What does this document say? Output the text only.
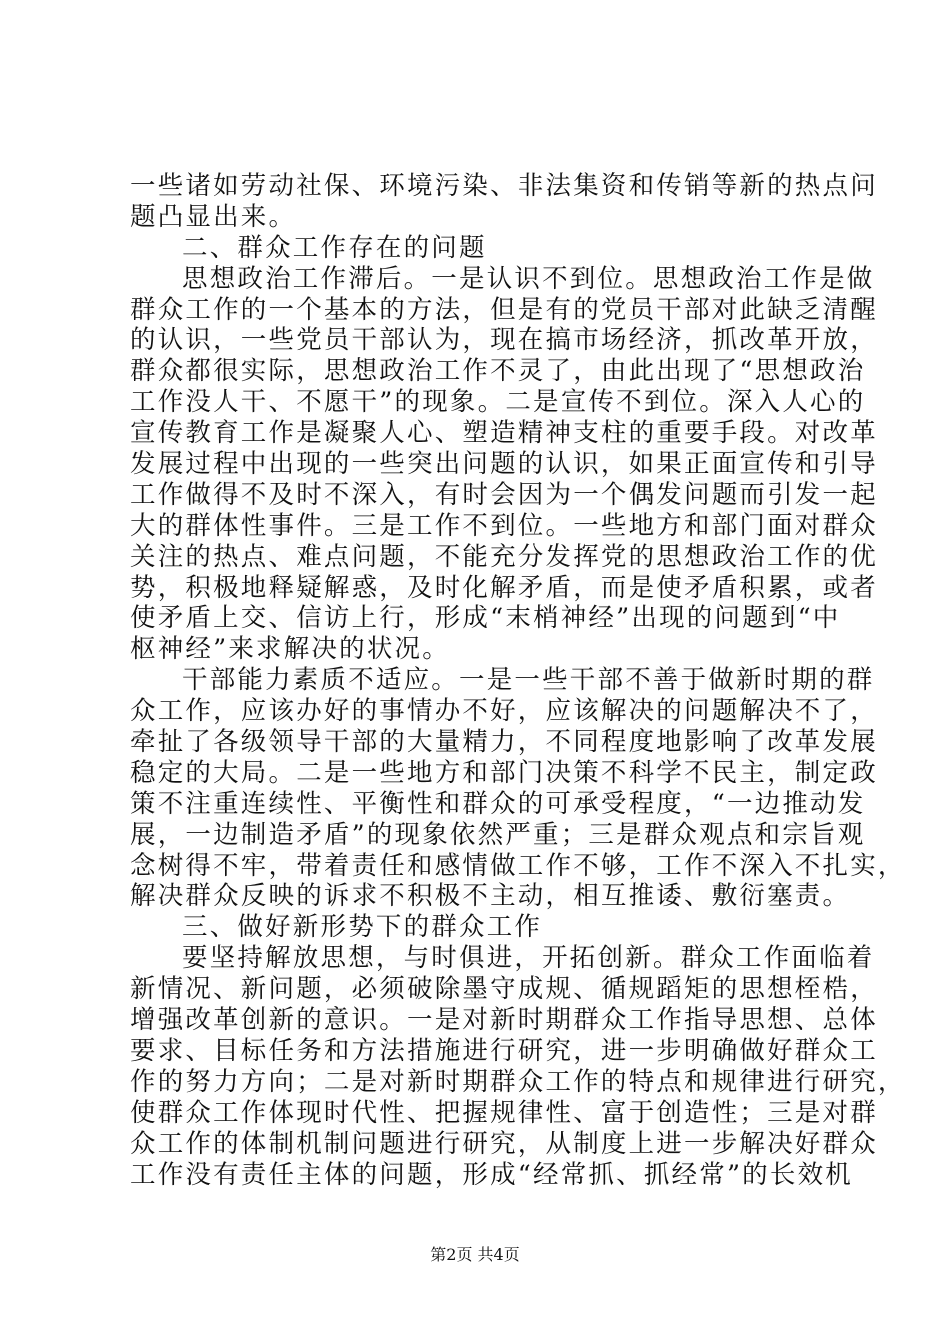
一些诸如劳动社保、环境污染、非法集资和传销等新的热点问
题凸显出来。
二、群众工作存在的问题
思想政治工作滞后。一是认识不到位。思想政治工作是做
群众工作的一个基本的方法，但是有的党员干部对此缺乏清醒
的认识，一些党员干部认为，现在搞市场经济，抓改革开放，
群众都很实际，思想政治工作不灵了，由此出现了“思想政治
工作没人干、不愿干”的现象。二是宣传不到位。深入人心的
宣传教育工作是凝聚人心、塑造精神支柱的重要手段。对改革
发展过程中出现的一些突出问题的认识，如果正面宣传和引导
工作做得不及时不深入，有时会因为一个偶发问题而引发一起
大的群体性事件。三是工作不到位。一些地方和部门面对群众
关注的热点、难点问题，不能充分发挥党的思想政治工作的优
势，积极地释疑解惑，及时化解矛盾，而是使矛盾积累，或者
使矛盾上交、信访上行，形成“末梢神经”出现的问题到“中
枢神经”来求解决的状况。
干部能力素质不适应。一是一些干部不善于做新时期的群
众工作，应该办好的事情办不好，应该解决的问题解决不了，
牵扯了各级领导干部的大量精力，不同程度地影响了改革发展
稳定的大局。二是一些地方和部门决策不科学不民主，制定政
策不注重连续性、平衡性和群众的可承受程度，“一边推动发
展，一边制造矛盾”的现象依然严重；三是群众观点和宗旨观
念树得不牢，带着责任和感情做工作不够，工作不深入不扎实，
解决群众反映的诉求不积极不主动，相互推诿、敷衍塞责。
三、做好新形势下的群众工作
要坚持解放思想，与时俱进，开拓创新。群众工作面临着
新情况、新问题，必须破除墨守成规、循规蹈矩的思想桎梏，
增强改革创新的意识。一是对新时期群众工作指导思想、总体
要求、目标任务和方法措施进行研究，进一步明确做好群众工
作的努力方向；二是对新时期群众工作的特点和规律进行研究，
使群众工作体现时代性、把握规律性、富于创造性；三是对群
众工作的体制机制问题进行研究，从制度上进一步解决好群众
工作没有责任主体的问题，形成“经常抓、抓经常”的长效机
第2页 共4页
